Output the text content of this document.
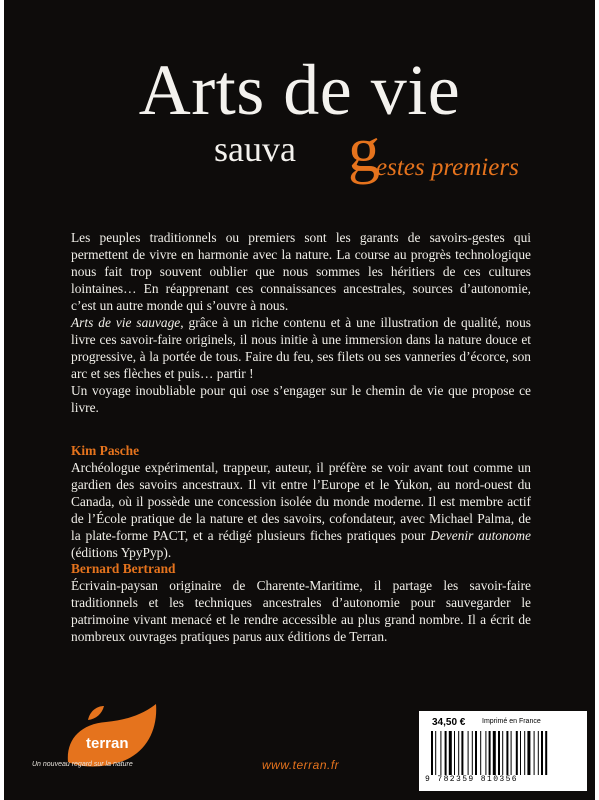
Arts de vie
sauva g
estes premiers

Les peuples traditionnels ou premiers sont les garants de savoirs-gestes qui permettent de vivre en harmonie avec la nature. La course au progrès technologique nous fait trop souvent oublier que nous sommes les héritiers de ces cultures lointaines… En réapprenant ces connaissances ancestrales, sources d’autonomie, c’est un autre monde qui s’ouvre à nous.

Arts de vie sauvage, grâce à un riche contenu et à une illustration de qualité, nous livre ces savoir-faire originels, il nous initie à une immersion dans la nature douce et progressive, à la portée de tous. Faire du feu, ses filets ou ses vanneries d’écorce, son arc et ses flèches et puis… partir !

Un voyage inoubliable pour qui ose s’engager sur le chemin de vie que propose ce livre.

Kim Pasche

Archéologue expérimental, trappeur, auteur, il préfère se voir avant tout comme un gardien des savoirs ancestraux. Il vit entre l’Europe et le Yukon, au nord-ouest du Canada, où il possède une concession isolée du monde moderne. Il est membre actif de l’École pratique de la nature et des savoirs, cofondateur, avec Michael Palma, de la plate-forme PACT, et a rédigé plusieurs fiches pratiques pour Devenir autonome (éditions YpyPyp).

Bernard Bertrand

Écrivain-paysan originaire de Charente-Maritime, il partage les savoir-faire traditionnels et les techniques ancestrales d’autonomie pour sauvegarder le patrimoine vivant menacé et le rendre accessible au plus grand nombre. Il a écrit de nombreux ouvrages pratiques parus aux éditions de Terran.

terran
Un nouveau regard sur la nature	www.terran.fr
34,50 € Imprimé en France
9 782359 810356
